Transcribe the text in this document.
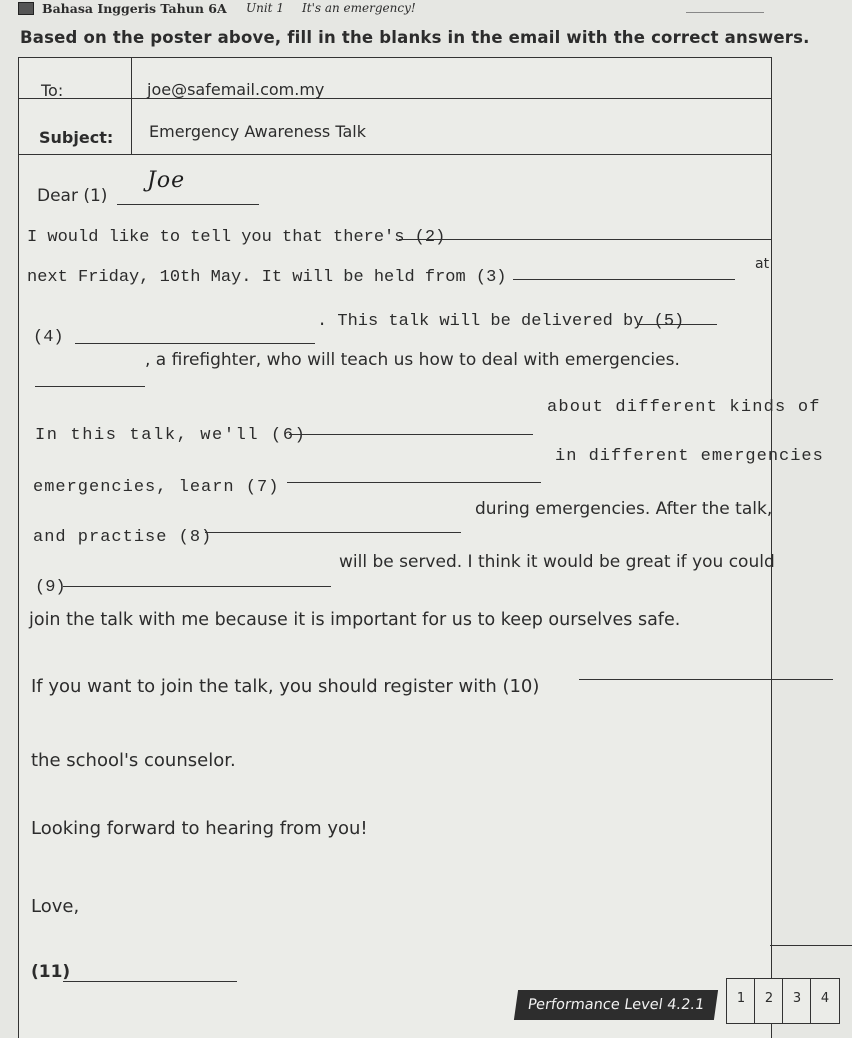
Bahasa Inggeris Tahun 6A Unit 1 It's an emergency!
Based on the poster above, fill in the blanks in the email with the correct answers.
To:	joe@safemail.com.my
Subject: Emergency Awareness Talk
Dear (1)
Joe
I would like to tell you that there's (2)
next Friday, 10th May. It will be held from (3)
at
(4)
. This talk will be delivered by (5)
, a firefighter, who will teach us how to deal with emergencies.
In this talk, we'll (6)
about different kinds of
emergencies, learn (7)
in different emergencies
and practise (8)
during emergencies. After the talk,
(9)
will be served. I think it would be great if you could
join the talk with me because it is important for us to keep ourselves safe.
If you want to join the talk, you should register with (10)
the school's counselor.
Looking forward to hearing from you!
Love,
(11)
Performance Level 4.2.1	1	2	3	4
